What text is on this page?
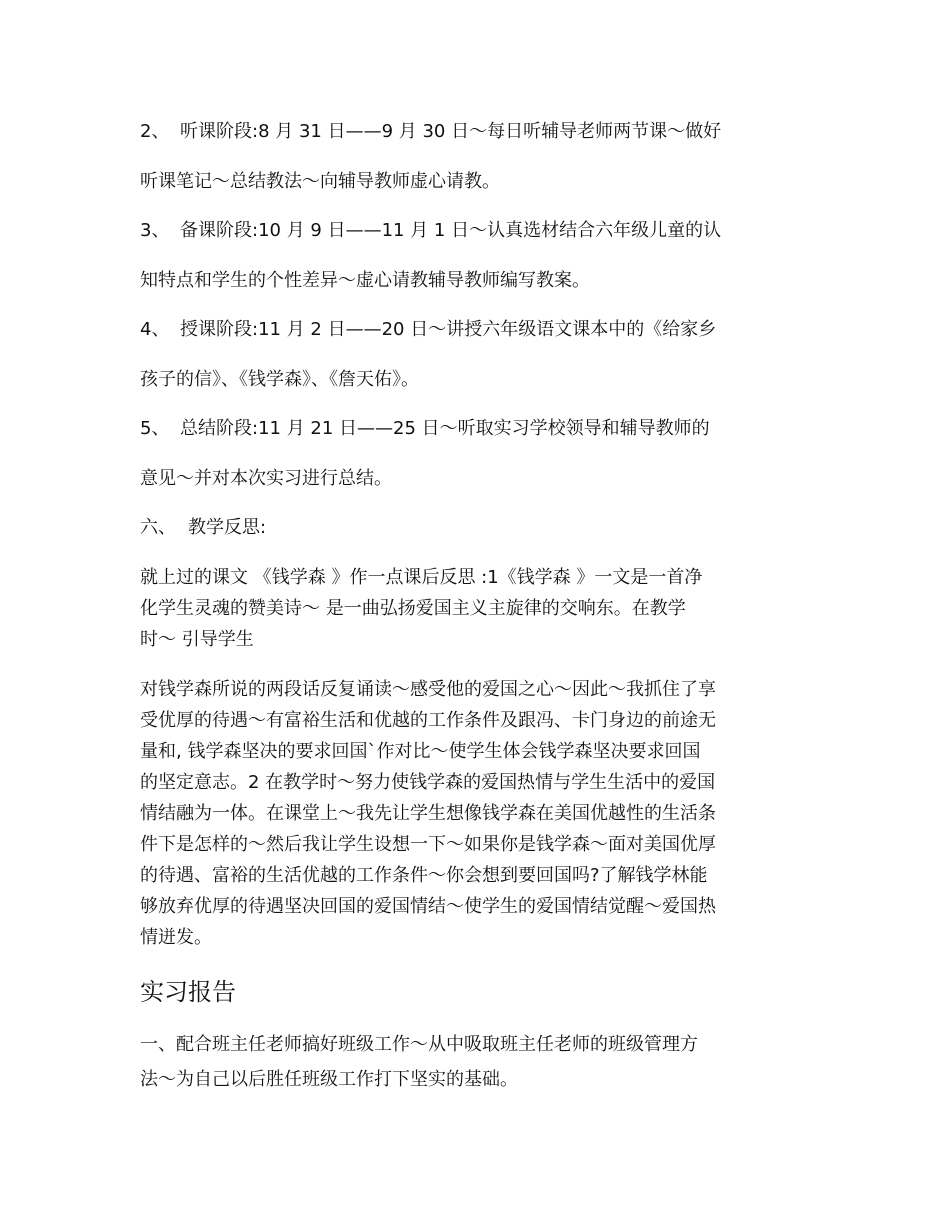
2、 听课阶段:8 月 31 日——9 月 30 日～每日听辅导老师两节课～做好
听课笔记～总结教法～向辅导教师虚心请教。
3、 备课阶段:10 月 9 日——11 月 1 日～认真选材结合六年级儿童的认
知特点和学生的个性差异～虚心请教辅导教师编写教案。
4、 授课阶段:11 月 2 日——20 日～讲授六年级语文课本中的《给家乡
孩子的信》、《钱学森》、《詹天佑》。
5、 总结阶段:11 月 21 日——25 日～听取实习学校领导和辅导教师的
意见～并对本次实习进行总结。
六、 教学反思:
就上过的课文 《钱学森 》作一点课后反思 :1《钱学森 》一文是一首净
化学生灵魂的赞美诗～ 是一曲弘扬爱国主义主旋律的交响东。在教学
时～ 引导学生
对钱学森所说的两段话反复诵读～感受他的爱国之心～因此～我抓住了享
受优厚的待遇～有富裕生活和优越的工作条件及跟冯、卡门身边的前途无
量和, 钱学森坚决的要求回国`作对比～使学生体会钱学森坚决要求回国
的坚定意志。2 在教学时～努力使钱学森的爱国热情与学生生活中的爱国
情结融为一体。在课堂上～我先让学生想像钱学森在美国优越性的生活条
件下是怎样的～然后我让学生设想一下～如果你是钱学森～面对美国优厚
的待遇、富裕的生活优越的工作条件～你会想到要回国吗?了解钱学林能
够放弃优厚的待遇坚决回国的爱国情结～使学生的爱国情结觉醒～爱国热
情迸发。
实习报告
一、配合班主任老师搞好班级工作～从中吸取班主任老师的班级管理方
法～为自己以后胜任班级工作打下坚实的基础。
